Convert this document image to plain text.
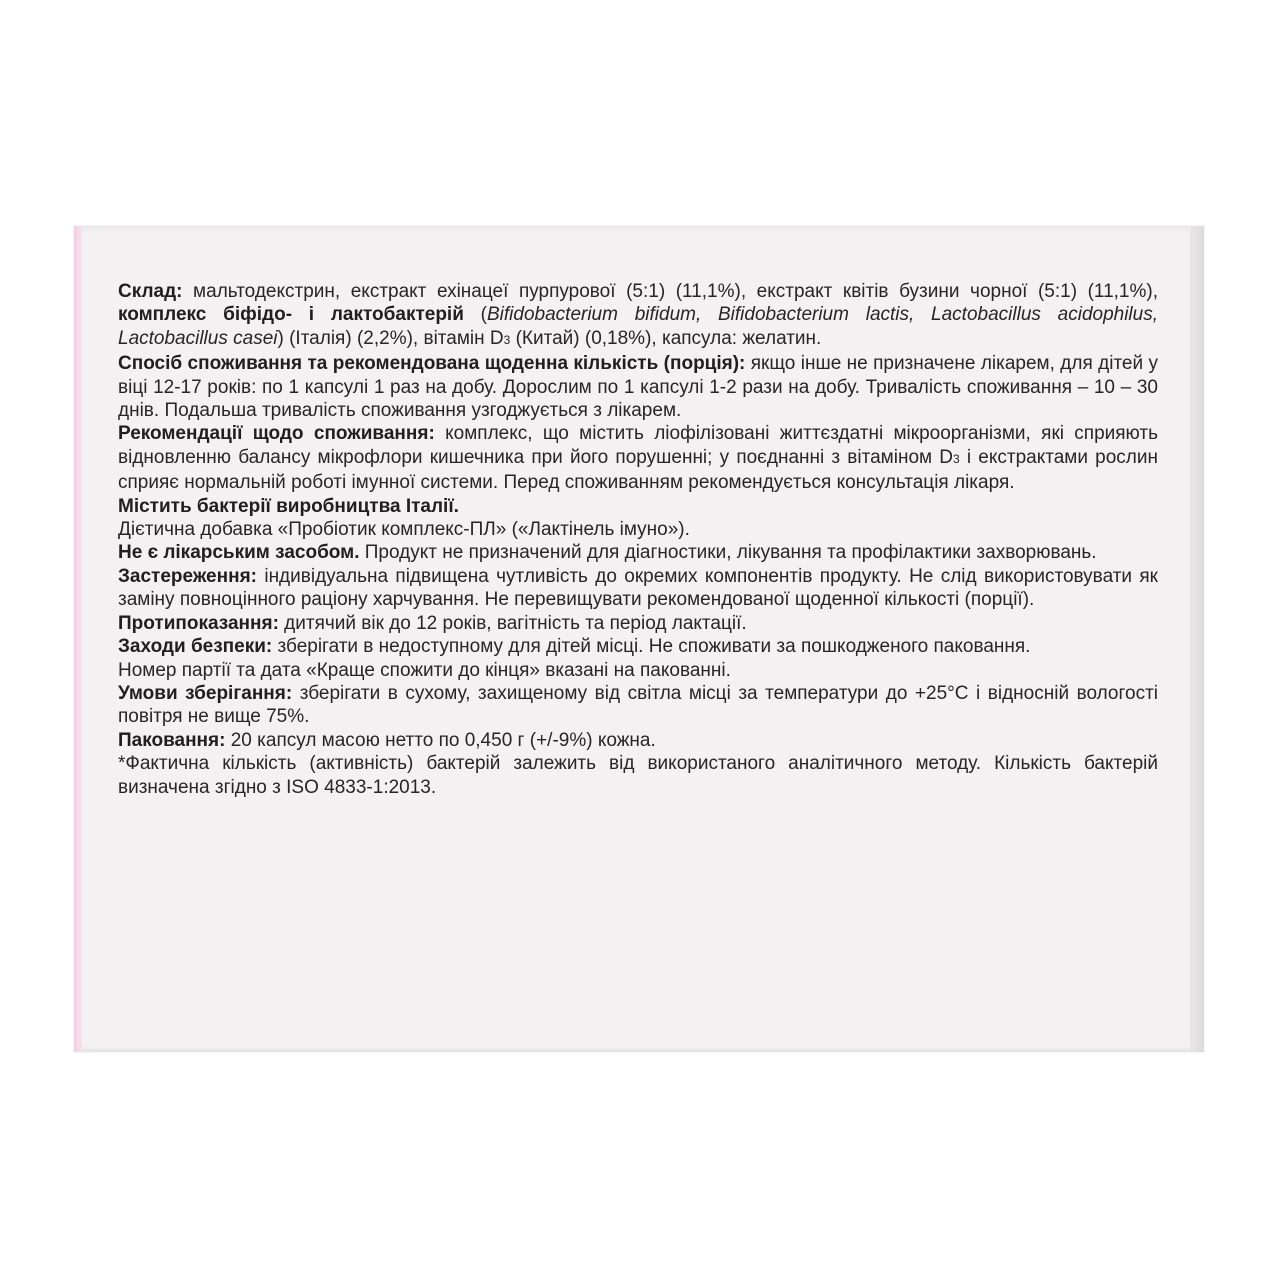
Склад: мальтодекстрин, екстракт ехінацеї пурпурової (5:1) (11,1%), екстракт квітів бузини чорної (5:1) (11,1%), комплекс біфідо- і лактобактерій (Bifidobacterium bifidum, Bifidobacterium lactis, Lactobacillus acidophilus, Lactobacillus casei) (Італія) (2,2%), вітамін D3 (Китай) (0,18%), капсула: желатин.

Спосіб споживання та рекомендована щоденна кількість (порція): якщо інше не призначене лікарем, для дітей у віці 12-17 років: по 1 капсулі 1 раз на добу. Дорослим по 1 капсулі 1-2 рази на добу. Тривалість споживання – 10 – 30 днів. Подальша тривалість споживання узгоджується з лікарем.

Рекомендації щодо споживання: комплекс, що містить ліофілізовані життєздатні мікроорганізми, які сприяють відновленню балансу мікрофлори кишечника при його порушенні; у поєднанні з вітаміном D3 і екстрактами рослин сприяє нормальній роботі імунної системи. Перед споживанням рекомендується консультація лікаря.

Містить бактерії виробництва Італії.

Дієтична добавка «Пробіотик комплекс-ПЛ» («Лактінель імуно»).

Не є лікарським засобом. Продукт не призначений для діагностики, лікування та профілактики захворювань.

Застереження: індивідуальна підвищена чутливість до окремих компонентів продукту. Не слід використовувати як заміну повноцінного раціону харчування. Не перевищувати рекомендованої щоденної кількості (порції).

Протипоказання: дитячий вік до 12 років, вагітність та період лактації.

Заходи безпеки: зберігати в недоступному для дітей місці. Не споживати за пошкодженого паковання.

Номер партії та дата «Краще спожити до кінця» вказані на пакованні.

Умови зберігання: зберігати в сухому, захищеному від світла місці за температури до +25°С і відносній вологості повітря не вище 75%.

Паковання: 20 капсул масою нетто по 0,450 г (+/-9%) кожна.

*Фактична кількість (активність) бактерій залежить від використаного аналітичного методу. Кількість бактерій визначена згідно з ISO 4833-1:2013.
